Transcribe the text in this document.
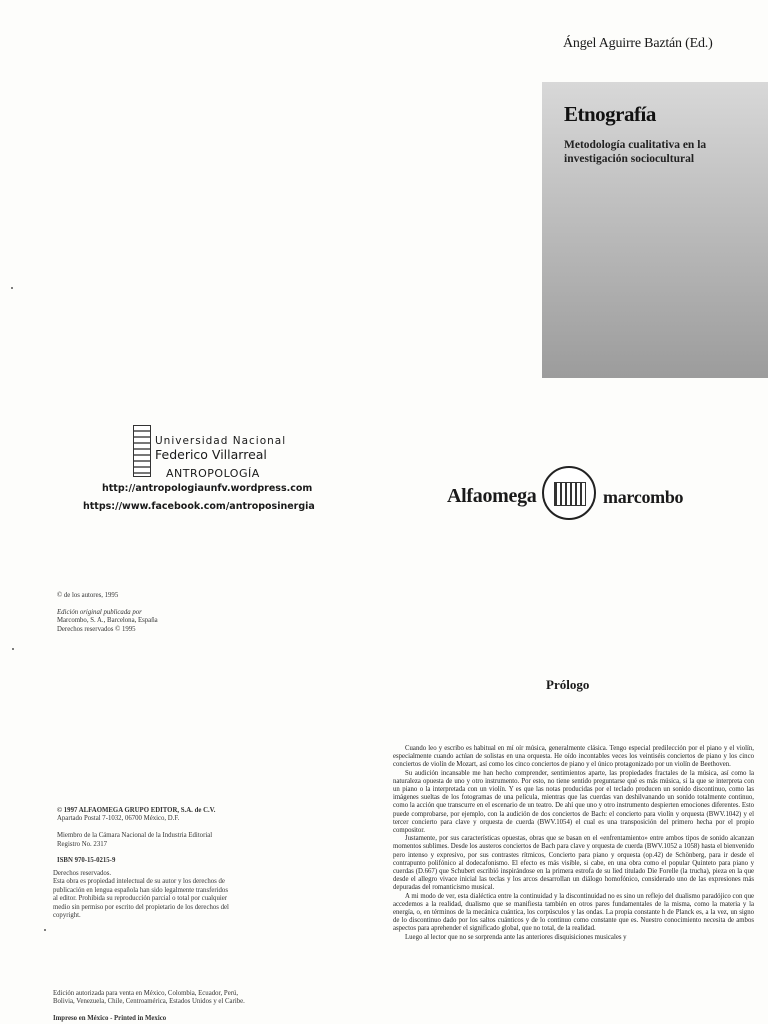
Ángel Aguirre Baztán (Ed.)
Etnografía
Metodología cualitativa en la investigación sociocultural
Universidad Nacional
Federico Villarreal
ANTROPOLOGÍA
http://antropologiaunfv.wordpress.com
https://www.facebook.com/antroposinergia	Alfaomega	marcombo
© de los autores, 1995

Edición original publicada por
Marcombo, S. A., Barcelona, España
Derechos reservados © 1995
© 1997 ALFAOMEGA GRUPO EDITOR, S.A. de C.V.
Apartado Postal 7-1032, 06700 México, D.F.

Miembro de la Cámara Nacional de la Industria Editorial
Registro No. 2317

ISBN 970-15-0215-9
Derechos reservados.
Esta obra es propiedad intelectual de su autor y los derechos de
publicación en lengua española han sido legalmente transferidos
al editor. Prohibida su reproducción parcial o total por cualquier
medio sin permiso por escrito del propietario de los derechos del
copyright.
Edición autorizada para venta en México, Colombia, Ecuador, Perú,
Bolivia, Venezuela, Chile, Centroamérica, Estados Unidos y el Caribe.

Impreso en México - Printed in Mexico
Prólogo

Cuando leo y escribo es habitual en mí oír música, generalmente clásica. Tengo especial predilección por el piano y el violín, especialmente cuando actúan de solistas en una orquesta. He oído incontables veces los veintiséis conciertos de piano y los cinco conciertos de violín de Mozart, así como los cinco conciertos de piano y el único protagonizado por un violín de Beethoven.

Su audición incansable me han hecho comprender, sentimientos aparte, las propiedades fractales de la música, así como la naturaleza opuesta de uno y otro instrumento. Por esto, no tiene sentido preguntarse qué es más música, si la que se interpreta con un piano o la interpretada con un violín. Y es que las notas producidas por el teclado producen un sonido discontinuo, como las imágenes sueltas de los fotogramas de una película, mientras que las cuerdas van deshilvanando un sonido totalmente continuo, como la acción que transcurre en el escenario de un teatro. De ahí que uno y otro instrumento despierten emociones diferentes. Esto puede comprobarse, por ejemplo, con la audición de dos conciertos de Bach: el concierto para violín y orquesta (BWV.1042) y el tercer concierto para clave y orquesta de cuerda (BWV.1054) el cual es una transposición del primero hecha por el propio compositor.

Justamente, por sus características opuestas, obras que se basan en el «enfrentamiento» entre ambos tipos de sonido alcanzan momentos sublimes. Desde los austeros conciertos de Bach para clave y orquesta de cuerda (BWV.1052 a 1058) hasta el bienvenido pero intenso y expresivo, por sus contrastes rítmicos, Concierto para piano y orquesta (op.42) de Schönberg, para ir desde el contrapunto polifónico al dodecafonismo. El efecto es más visible, si cabe, en una obra como el popular Quinteto para piano y cuerdas (D.667) que Schubert escribió inspirándose en la primera estrofa de su lied titulado Die Forelle (la trucha), pieza en la que desde el allegro vivace inicial las teclas y los arcos desarrollan un diálogo homofónico, considerado uno de las expresiones más depuradas del romanticismo musical.

A mi modo de ver, esta dialéctica entre la continuidad y la discontinuidad no es sino un reflejo del dualismo paradójico con que accedemos a la realidad, dualismo que se manifiesta también en otros pares fundamentales de la misma, como la materia y la energía, o, en términos de la mecánica cuántica, los corpúsculos y las ondas. La propia constante h de Planck es, a la vez, un signo de lo discontinuo dado por los saltos cuánticos y de lo continuo como constante que es. Nuestro conocimiento necesita de ambos aspectos para aprehender el significado global, que no total, de la realidad.

Luego al lector que no se sorprenda ante las anteriores disquisiciones musicales y
